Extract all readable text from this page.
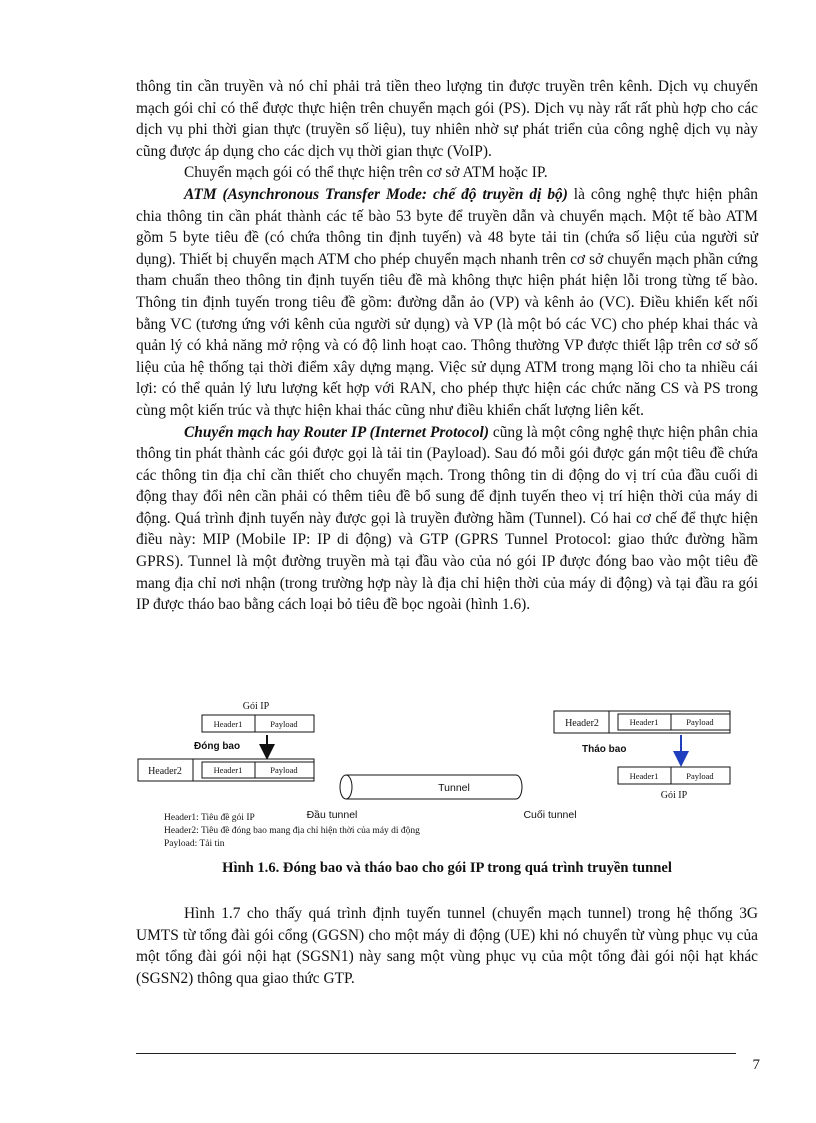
thông tin cần truyền và nó chỉ phải trả tiền theo lượng tin được truyền trên kênh. Dịch vụ chuyển mạch gói chỉ có thể được thực hiện trên chuyển mạch gói (PS). Dịch vụ này rất rất phù hợp cho các dịch vụ phi thời gian thực (truyền số liệu), tuy nhiên nhờ sự phát triển của công nghệ dịch vụ này cũng được áp dụng cho các dịch vụ thời gian thực (VoIP).

Chuyển mạch gói có thể thực hiện trên cơ sở ATM hoặc IP.

ATM (Asynchronous Transfer Mode: chế độ truyền dị bộ) là công nghệ thực hiện phân chia thông tin cần phát thành các tế bào 53 byte để truyền dẫn và chuyển mạch. Một tế bào ATM gồm 5 byte tiêu đề (có chứa thông tin định tuyến) và 48 byte tải tin (chứa số liệu của người sử dụng). Thiết bị chuyển mạch ATM cho phép chuyển mạch nhanh trên cơ sở chuyển mạch phần cứng tham chuẩn theo thông tin định tuyến tiêu đề mà không thực hiện phát hiện lỗi trong từng tế bào. Thông tin định tuyến trong tiêu đề gồm: đường dẫn ảo (VP) và kênh ảo (VC). Điều khiển kết nối bằng VC (tương ứng với kênh của người sử dụng) và VP (là một bó các VC) cho phép khai thác và quản lý có khả năng mở rộng và có độ linh hoạt cao. Thông thường VP được thiết lập trên cơ sở số liệu của hệ thống tại thời điểm xây dựng mạng. Việc sử dụng ATM trong mạng lõi cho ta nhiều cái lợi: có thể quản lý lưu lượng kết hợp với RAN, cho phép thực hiện các chức năng CS và PS trong cùng một kiến trúc và thực hiện khai thác cũng như điều khiển chất lượng liên kết.

Chuyển mạch hay Router IP (Internet Protocol) cũng là một công nghệ thực hiện phân chia thông tin phát thành các gói được gọi là tải tin (Payload). Sau đó mỗi gói được gán một tiêu đề chứa các thông tin địa chỉ cần thiết cho chuyển mạch. Trong thông tin di động do vị trí của đầu cuối di động thay đổi nên cần phải có thêm tiêu đề bổ sung để định tuyến theo vị trí hiện thời của máy di động. Quá trình định tuyến này được gọi là truyền đường hầm (Tunnel). Có hai cơ chế để thực hiện điều này: MIP (Mobile IP: IP di động) và GTP (GPRS Tunnel Protocol: giao thức đường hầm GPRS). Tunnel là một đường truyền mà tại đầu vào của nó gói IP được đóng bao vào một tiêu đề mang địa chỉ nơi nhận (trong trường hợp này là địa chỉ hiện thời của máy di động) và tại đầu ra gói IP được tháo bao bằng cách loại bỏ tiêu đề bọc ngoài (hình 1.6).

Gói IP
Header1	Payload
Đóng bao
Header2	Header1	Payload
Tunnel
Đầu tunnel	Cuối tunnel
Header2	Header1	Payload
Tháo bao
Header1	Payload
Gói IP
Header1: Tiêu đề gói IP
Header2: Tiêu đề đóng bao mang địa chỉ hiện thời của máy di động
Payload: Tải tin
Hình 1.6. Đóng bao và tháo bao cho gói IP trong quá trình truyền tunnel

Hình 1.7 cho thấy quá trình định tuyến tunnel (chuyển mạch tunnel) trong hệ thống 3G UMTS từ tổng đài gói cổng (GGSN) cho một máy di động (UE) khi nó chuyển từ vùng phục vụ của một tổng đài gói nội hạt (SGSN1) này sang một vùng phục vụ của một tổng đài gói nội hạt khác (SGSN2) thông qua giao thức GTP.

7
